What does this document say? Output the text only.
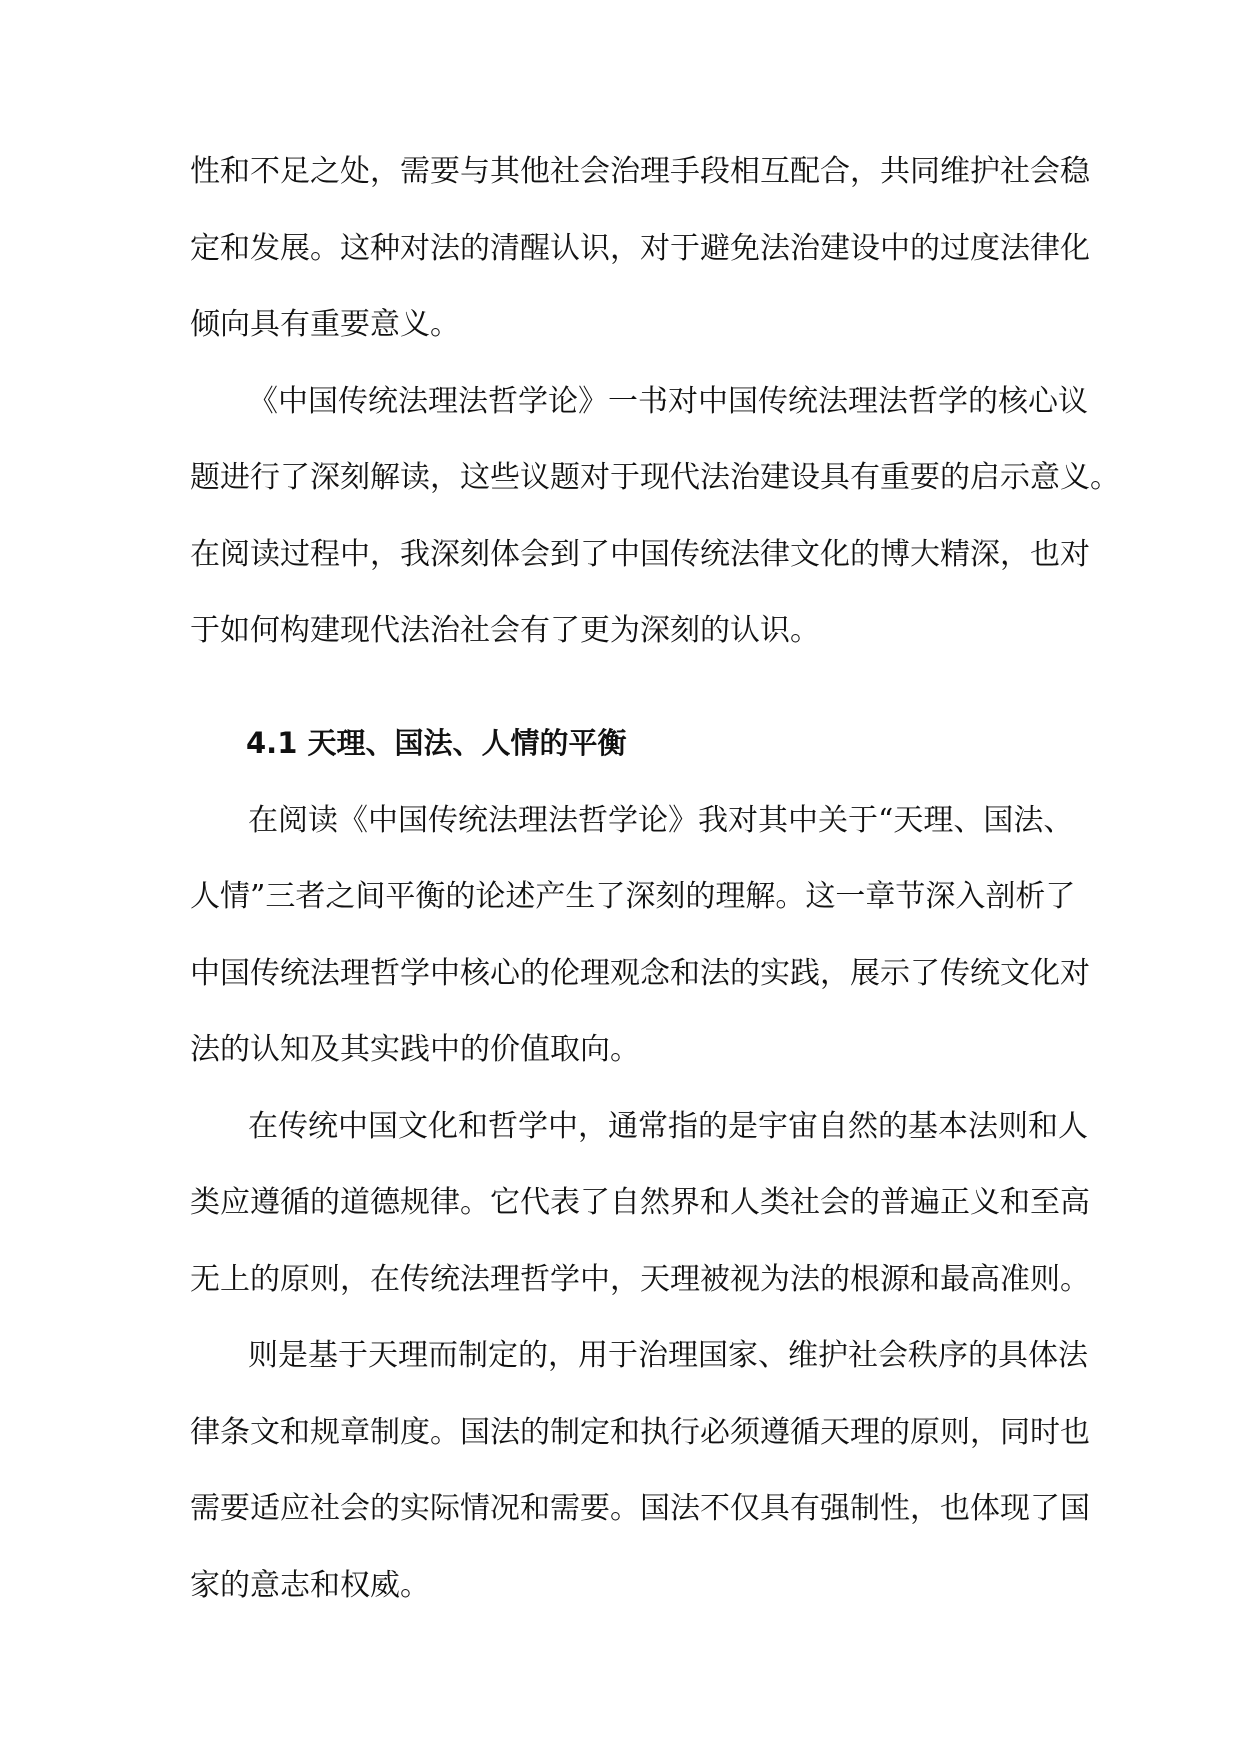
性和不足之处，需要与其他社会治理手段相互配合，共同维护社会稳
定和发展。这种对法的清醒认识，对于避免法治建设中的过度法律化
倾向具有重要意义。
《中国传统法理法哲学论》一书对中国传统法理法哲学的核心议
题进行了深刻解读，这些议题对于现代法治建设具有重要的启示意义。
在阅读过程中，我深刻体会到了中国传统法律文化的博大精深，也对
于如何构建现代法治社会有了更为深刻的认识。
4.1 天理、国法、人情的平衡
在阅读《中国传统法理法哲学论》我对其中关于“天理、国法、
人情”三者之间平衡的论述产生了深刻的理解。这一章节深入剖析了
中国传统法理哲学中核心的伦理观念和法的实践，展示了传统文化对
法的认知及其实践中的价值取向。
在传统中国文化和哲学中，通常指的是宇宙自然的基本法则和人
类应遵循的道德规律。它代表了自然界和人类社会的普遍正义和至高
无上的原则，在传统法理哲学中，天理被视为法的根源和最高准则。
则是基于天理而制定的，用于治理国家、维护社会秩序的具体法
律条文和规章制度。国法的制定和执行必须遵循天理的原则，同时也
需要适应社会的实际情况和需要。国法不仅具有强制性，也体现了国
家的意志和权威。
